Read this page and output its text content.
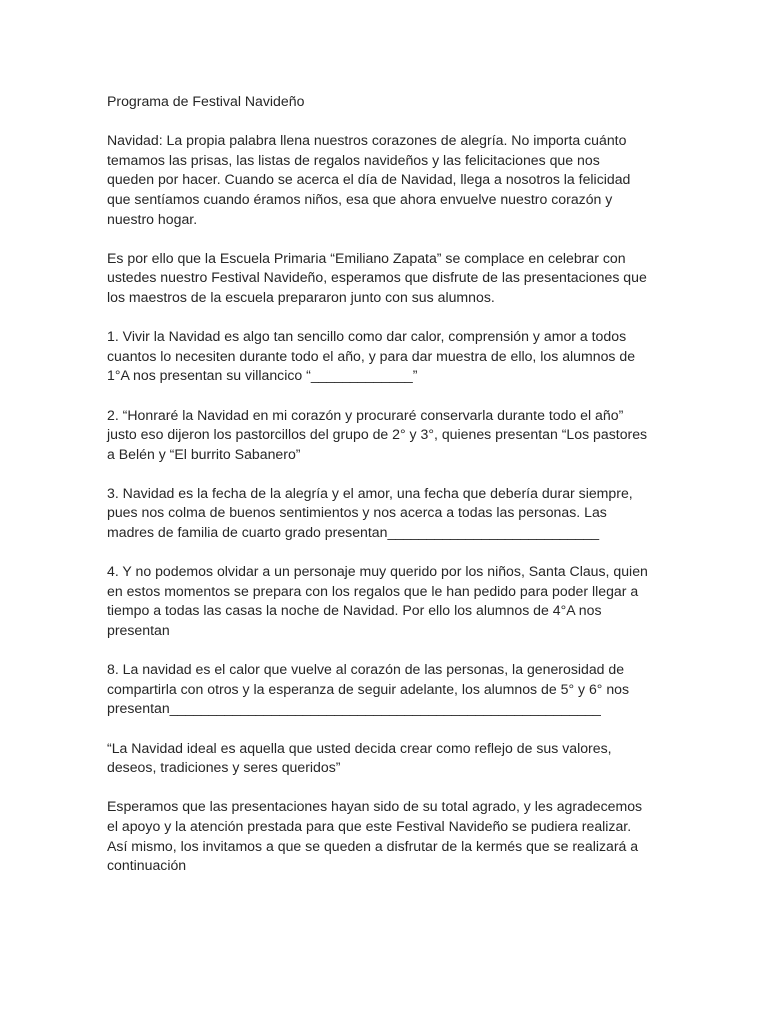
Programa de Festival Navideño
Navidad: La propia palabra llena nuestros corazones de alegría. No importa cuánto
temamos las prisas, las listas de regalos navideños y las felicitaciones que nos
queden por hacer. Cuando se acerca el día de Navidad, llega a nosotros la felicidad
que sentíamos cuando éramos niños, esa que ahora envuelve nuestro corazón y
nuestro hogar.
Es por ello que la Escuela Primaria “Emiliano Zapata” se complace en celebrar con
ustedes nuestro Festival Navideño, esperamos que disfrute de las presentaciones que
los maestros de la escuela prepararon junto con sus alumnos.
1. Vivir la Navidad es algo tan sencillo como dar calor, comprensión y amor a todos
cuantos lo necesiten durante todo el año, y para dar muestra de ello, los alumnos de
1°A nos presentan su villancico “_____________”
2. “Honraré la Navidad en mi corazón y procuraré conservarla durante todo el año”
justo eso dijeron los pastorcillos del grupo de 2° y 3°, quienes presentan “Los pastores
a Belén y “El burrito Sabanero”
3. Navidad es la fecha de la alegría y el amor, una fecha que debería durar siempre,
pues nos colma de buenos sentimientos y nos acerca a todas las personas. Las
madres de familia de cuarto grado presentan___________________________
4. Y no podemos olvidar a un personaje muy querido por los niños, Santa Claus, quien
en estos momentos se prepara con los regalos que le han pedido para poder llegar a
tiempo a todas las casas la noche de Navidad. Por ello los alumnos de 4°A nos
presentan
8. La navidad es el calor que vuelve al corazón de las personas, la generosidad de
compartirla con otros y la esperanza de seguir adelante, los alumnos de 5° y 6° nos
presentan_______________________________________________________
“La Navidad ideal es aquella que usted decida crear como reflejo de sus valores,
deseos, tradiciones y seres queridos”
Esperamos que las presentaciones hayan sido de su total agrado, y les agradecemos
el apoyo y la atención prestada para que este Festival Navideño se pudiera realizar.
Así mismo, los invitamos a que se queden a disfrutar de la kermés que se realizará a
continuación
